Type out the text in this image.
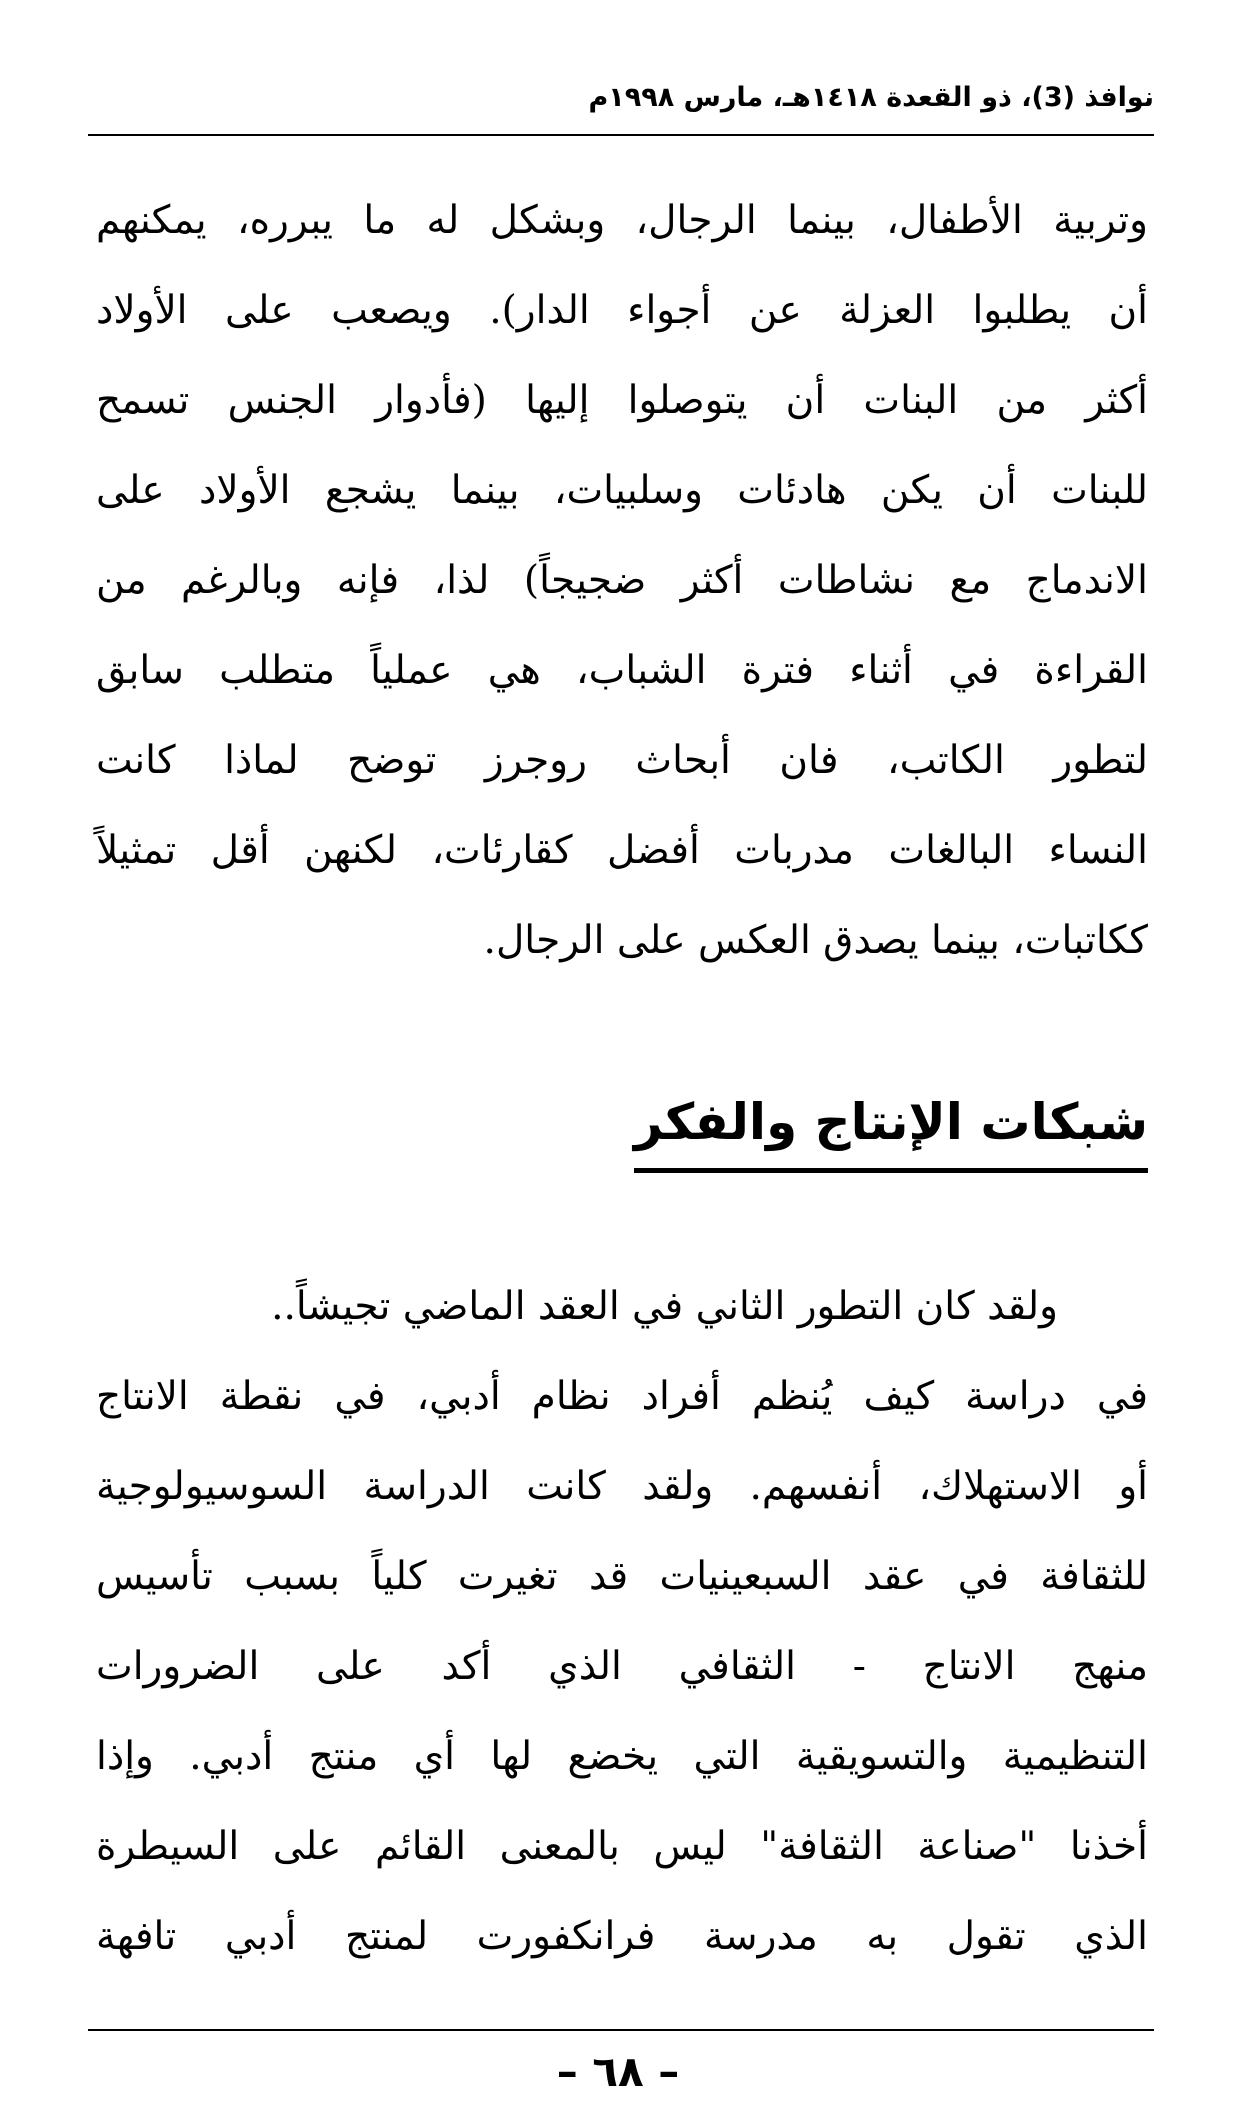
نوافذ (3)، ذو القعدة ١٤١٨هـ، مارس ١٩٩٨م
وتربية الأطفال، بينما الرجال، وبشكل له ما يبرره، يمكنهم
أن يطلبوا العزلة عن أجواء الدار). ويصعب على الأولاد
أكثر من البنات أن يتوصلوا إليها (فأدوار الجنس تسمح
للبنات أن يكن هادئات وسلبيات، بينما يشجع الأولاد على
الاندماج مع نشاطات أكثر ضجيجاً) لذا، فإنه وبالرغم من
القراءة في أثناء فترة الشباب، هي عملياً متطلب سابق
لتطور الكاتب، فان أبحاث روجرز توضح لماذا كانت
النساء البالغات مدربات أفضل كقارئات، لكنهن أقل تمثيلاً
ككاتبات، بينما يصدق العكس على الرجال.
شبكات الإنتاج والفكر
ولقد كان التطور الثاني في العقد الماضي تجيشاً..
في دراسة كيف يُنظم أفراد نظام أدبي، في نقطة الانتاج
أو الاستهلاك، أنفسهم. ولقد كانت الدراسة السوسيولوجية
للثقافة في عقد السبعينيات قد تغيرت كلياً بسبب تأسيس
منهج الانتاج - الثقافي الذي أكد على الضرورات
التنظيمية والتسويقية التي يخضع لها أي منتج أدبي. وإذا
أخذنا "صناعة الثقافة" ليس بالمعنى القائم على السيطرة
الذي تقول به مدرسة فرانكفورت لمنتج أدبي تافهة
– ٦٨ –
